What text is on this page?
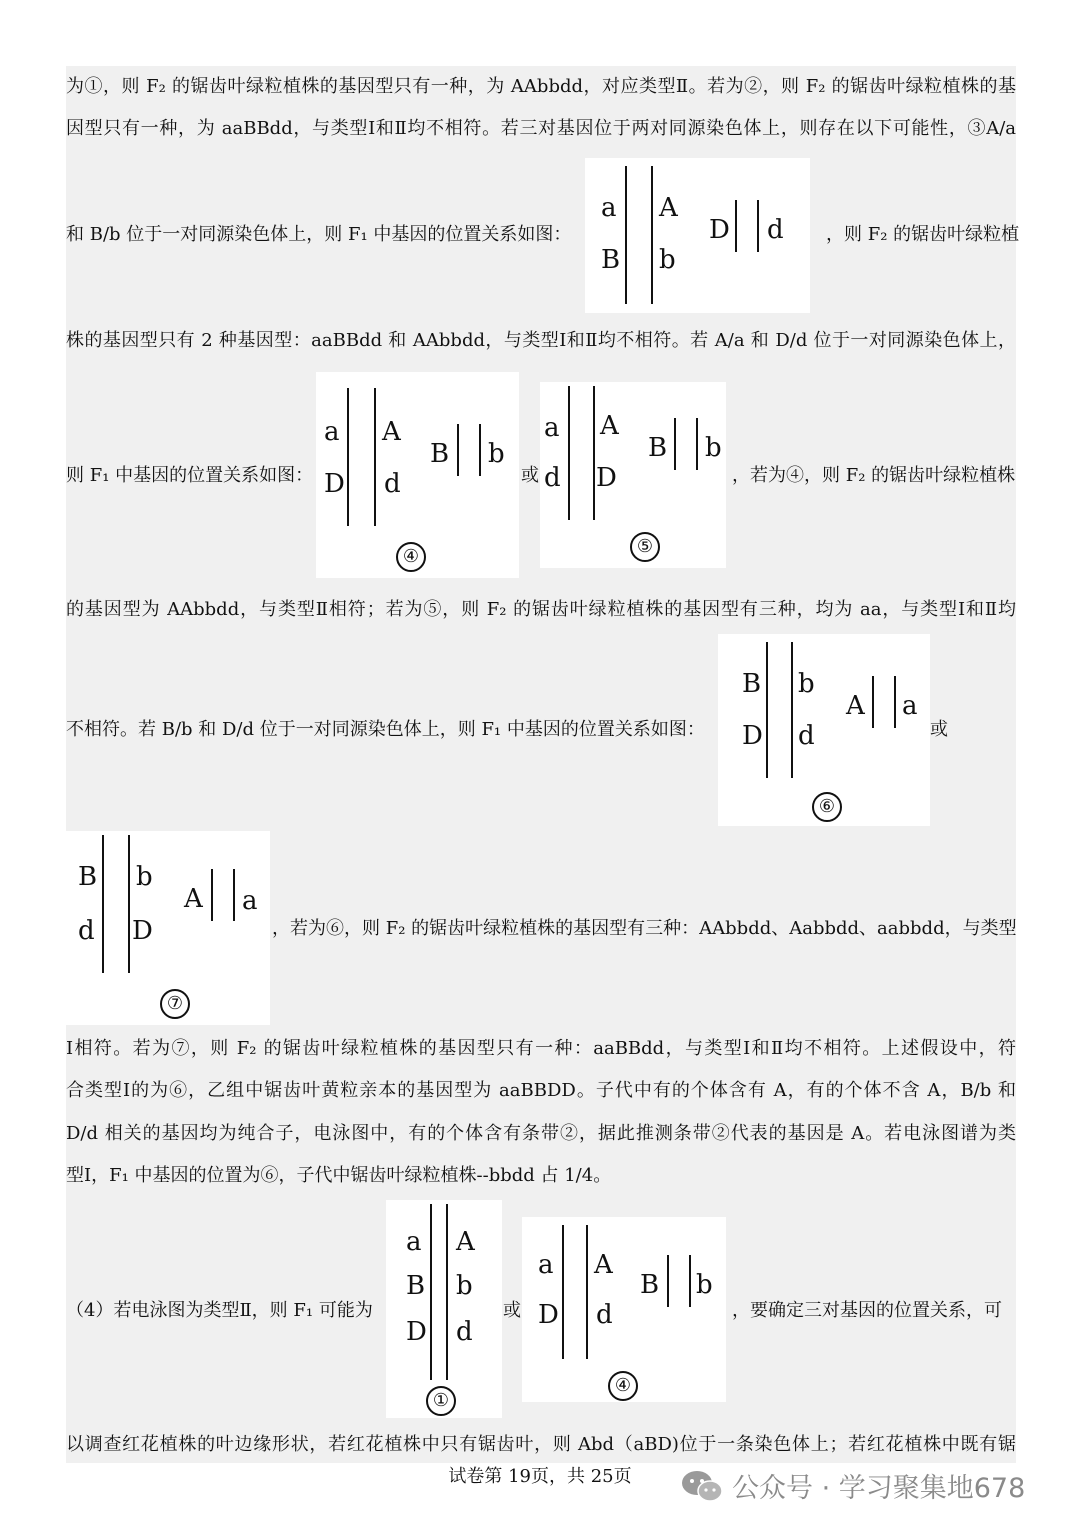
为①，则 F₂ 的锯齿叶绿粒植株的基因型只有一种，为 AAbbdd，对应类型Ⅱ。若为②，则 F₂ 的锯齿叶绿粒植株的基
因型只有一种，为 aaBBdd，与类型Ⅰ和Ⅱ均不相符。若三对基因位于两对同源染色体上，则存在以下可能性，③A/a
和 B/b 位于一对同源染色体上，则 F₁ 中基因的位置关系如图：
a
B
A
b
D d ，则 F₂ 的锯齿叶绿粒植
株的基因型只有 2 种基因型：aaBBdd 和 AAbbdd，与类型Ⅰ和Ⅱ均不相符。若 A/a 和 D/d 位于一对同源染色体上，
则 F₁ 中基因的位置关系如图：
a
D
A
d
B b
④
或
a
d
A
D
B b
⑤
，若为④，则 F₂ 的锯齿叶绿粒植株
的基因型为 AAbbdd，与类型Ⅱ相符；若为⑤，则 F₂ 的锯齿叶绿粒植株的基因型有三种，均为 aa，与类型Ⅰ和Ⅱ均
不相符。若 B/b 和 D/d 位于一对同源染色体上，则 F₁ 中基因的位置关系如图：
B
D
b
d
A a
⑥
或
B
d
b
D
A a
⑦
，若为⑥，则 F₂ 的锯齿叶绿粒植株的基因型有三种：AAbbdd、Aabbdd、aabbdd，与类型
Ⅰ相符。若为⑦，则 F₂ 的锯齿叶绿粒植株的基因型只有一种：aaBBdd，与类型Ⅰ和Ⅱ均不相符。上述假设中，符
合类型Ⅰ的为⑥，乙组中锯齿叶黄粒亲本的基因型为 aaBBDD。子代中有的个体含有 A，有的个体不含 A，B/b 和
D/d 相关的基因均为纯合子，电泳图中，有的个体含有条带②，据此推测条带②代表的基因是 A。若电泳图谱为类
型Ⅰ，F₁ 中基因的位置为⑥，子代中锯齿叶绿粒植株--bbdd 占 1/4。
（4）若电泳图为类型Ⅱ，则 F₁ 可能为
a
B
D
A
b
d
①
或
a
D
A
d
B b
④
，要确定三对基因的位置关系，可
以调查红花植株的叶边缘形状，若红花植株中只有锯齿叶，则 Abd（aBD)位于一条染色体上；若红花植株中既有锯
试卷第 19页，共 25页	公众号 · 学习聚集地678
